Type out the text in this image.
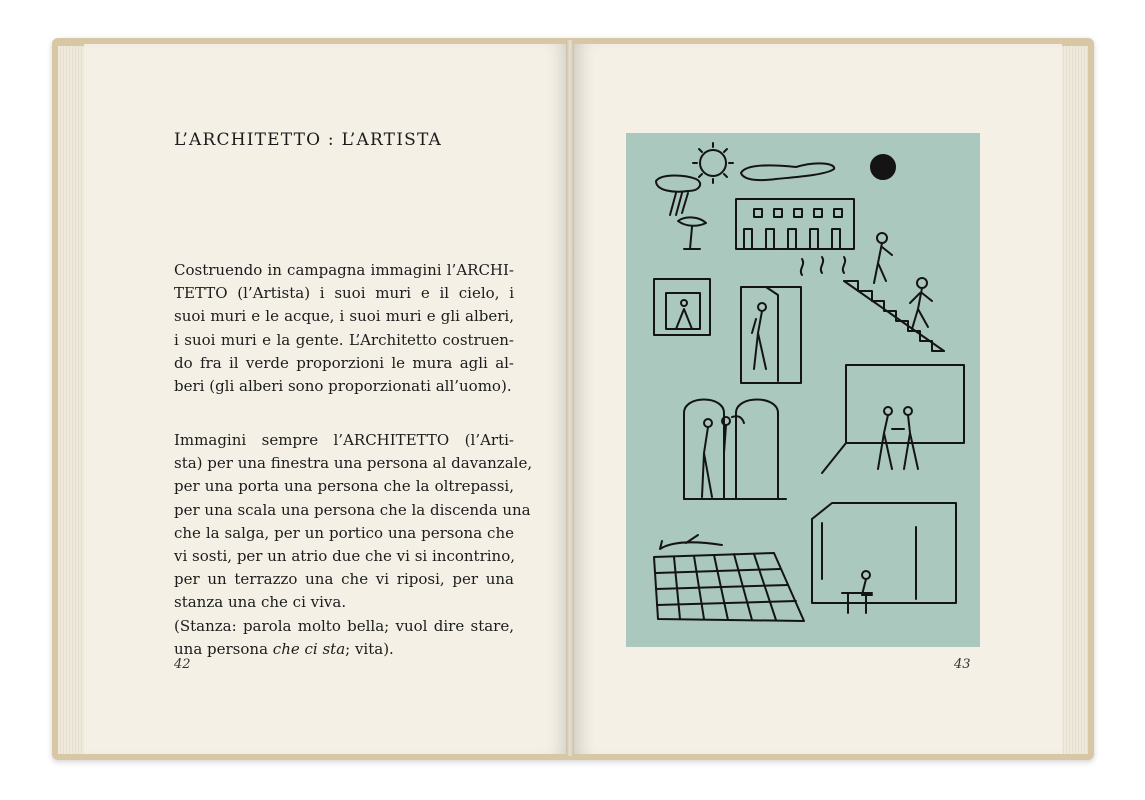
L’ARCHITETTO : L’ARTISTA

Costruendo in campagna immagini l’ARCHI-
TETTO (l’Artista) i suoi muri e il cielo, i
suoi muri e le acque, i suoi muri e gli alberi,
i suoi muri e la gente. L’Architetto costruen-
do fra il verde proporzioni le mura agli al-
beri (gli alberi sono proporzionati all’uomo).

Immagini sempre l’ARCHITETTO (l’Arti-
sta) per una finestra una persona al davanzale,
per una porta una persona che la oltrepassi,
per una scala una persona che la discenda una
che la salga, per un portico una persona che
vi sosti, per un atrio due che vi si incontrino,
per un terrazzo una che vi riposi, per una
stanza una che ci viva.
(Stanza: parola molto bella; vuol dire stare,
una persona che ci sta; vita).

42	43
